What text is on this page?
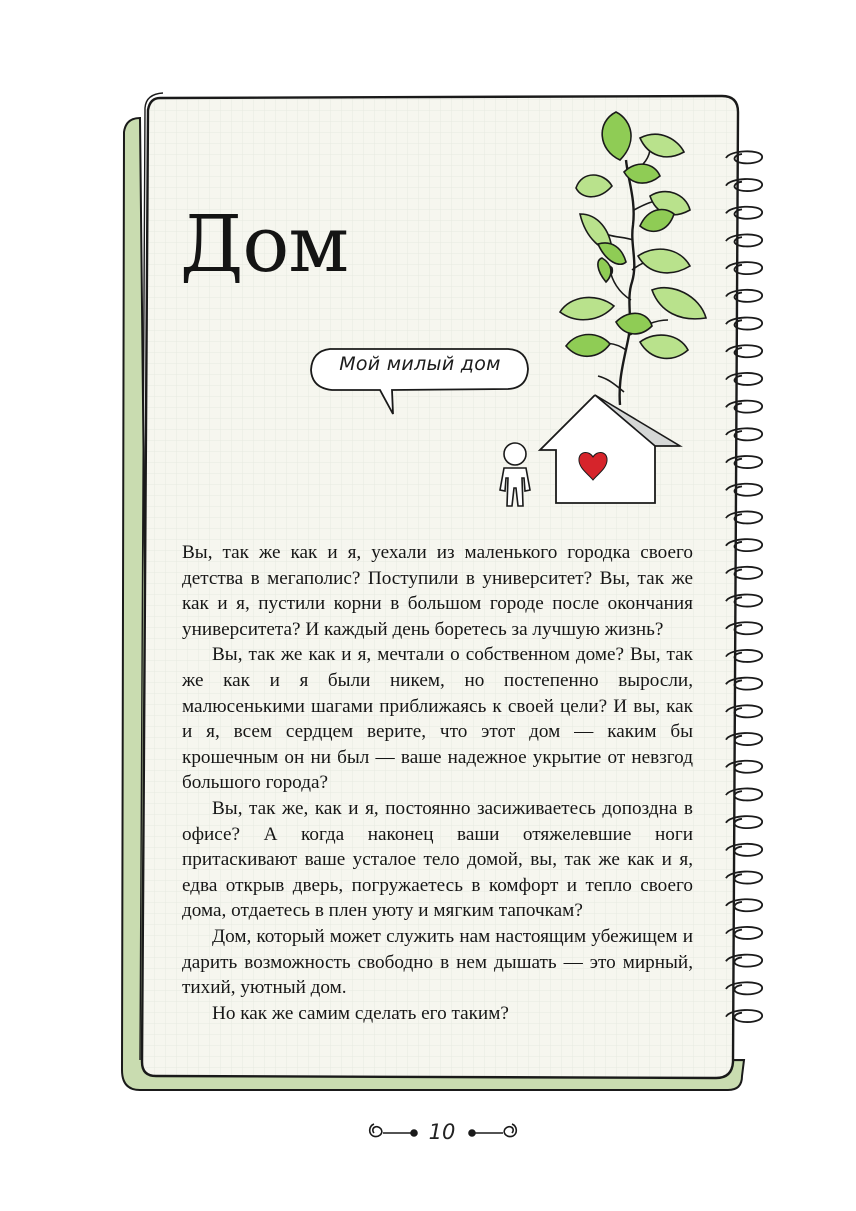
Дом
Мой милый дом

Вы, так же как и я, уехали из маленького городка своего детства в мегаполис? Поступили в университет? Вы, так же как и я, пустили корни в большом городе после окончания университета? И каждый день боретесь за лучшую жизнь?

Вы, так же как и я, мечтали о собственном доме? Вы, так же как и я были никем, но постепенно выросли, малюсенькими шагами приближаясь к своей цели? И вы, как и я, всем сердцем верите, что этот дом — каким бы крошечным он ни был — ваше надежное укрытие от невзгод большого города?

Вы, так же, как и я, постоянно засиживаетесь допоздна в офисе? А когда наконец ваши отяжелевшие ноги притаскивают ваше усталое тело домой, вы, так же как и я, едва открыв дверь, погружаетесь в комфорт и тепло своего дома, отдаетесь в плен уюту и мягким тапочкам?

Дом, который может служить нам настоящим убежищем и дарить возможность свободно в нем дышать — это мирный, тихий, уютный дом.

Но как же самим сделать его таким?

10
